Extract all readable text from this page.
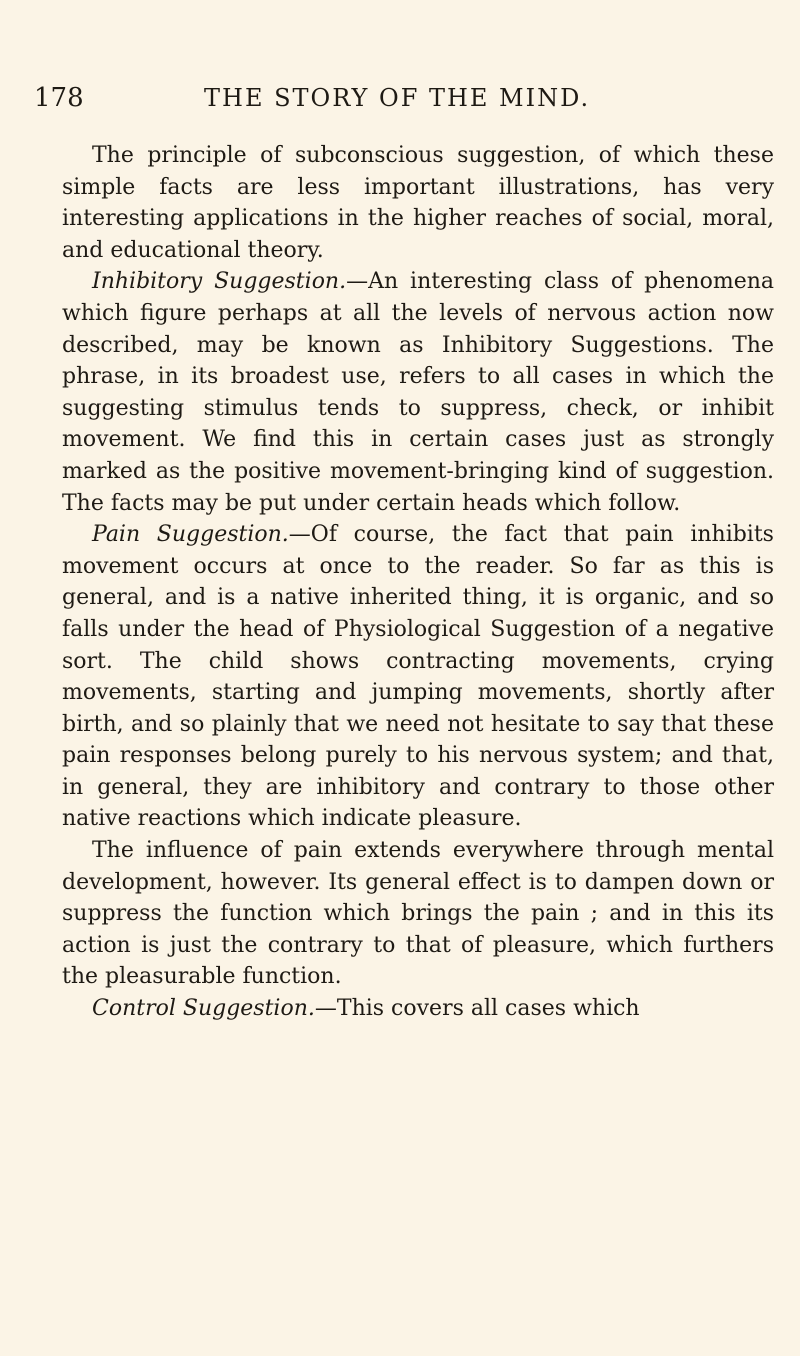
178	THE STORY OF THE MIND.

The principle of subconscious suggestion, of which these simple facts are less important illustrations, has very interesting applications in the higher reaches of social, moral, and educational theory.

Inhibitory Suggestion.—An interesting class of phenomena which figure perhaps at all the levels of nervous action now described, may be known as Inhibitory Suggestions. The phrase, in its broadest use, refers to all cases in which the suggesting stimulus tends to suppress, check, or inhibit movement. We find this in certain cases just as strongly marked as the positive movement-bringing kind of suggestion. The facts may be put under certain heads which follow.

Pain Suggestion.—Of course, the fact that pain inhibits movement occurs at once to the reader. So far as this is general, and is a native inherited thing, it is organic, and so falls under the head of Physiological Suggestion of a negative sort. The child shows contracting movements, crying movements, starting and jumping movements, shortly after birth, and so plainly that we need not hesitate to say that these pain responses belong purely to his nervous system; and that, in general, they are inhibitory and contrary to those other native reactions which indicate pleasure.

The influence of pain extends everywhere through mental development, however. Its general effect is to dampen down or suppress the function which brings the pain ; and in this its action is just the contrary to that of pleasure, which furthers the pleasurable function.

Control Suggestion.—This covers all cases which
